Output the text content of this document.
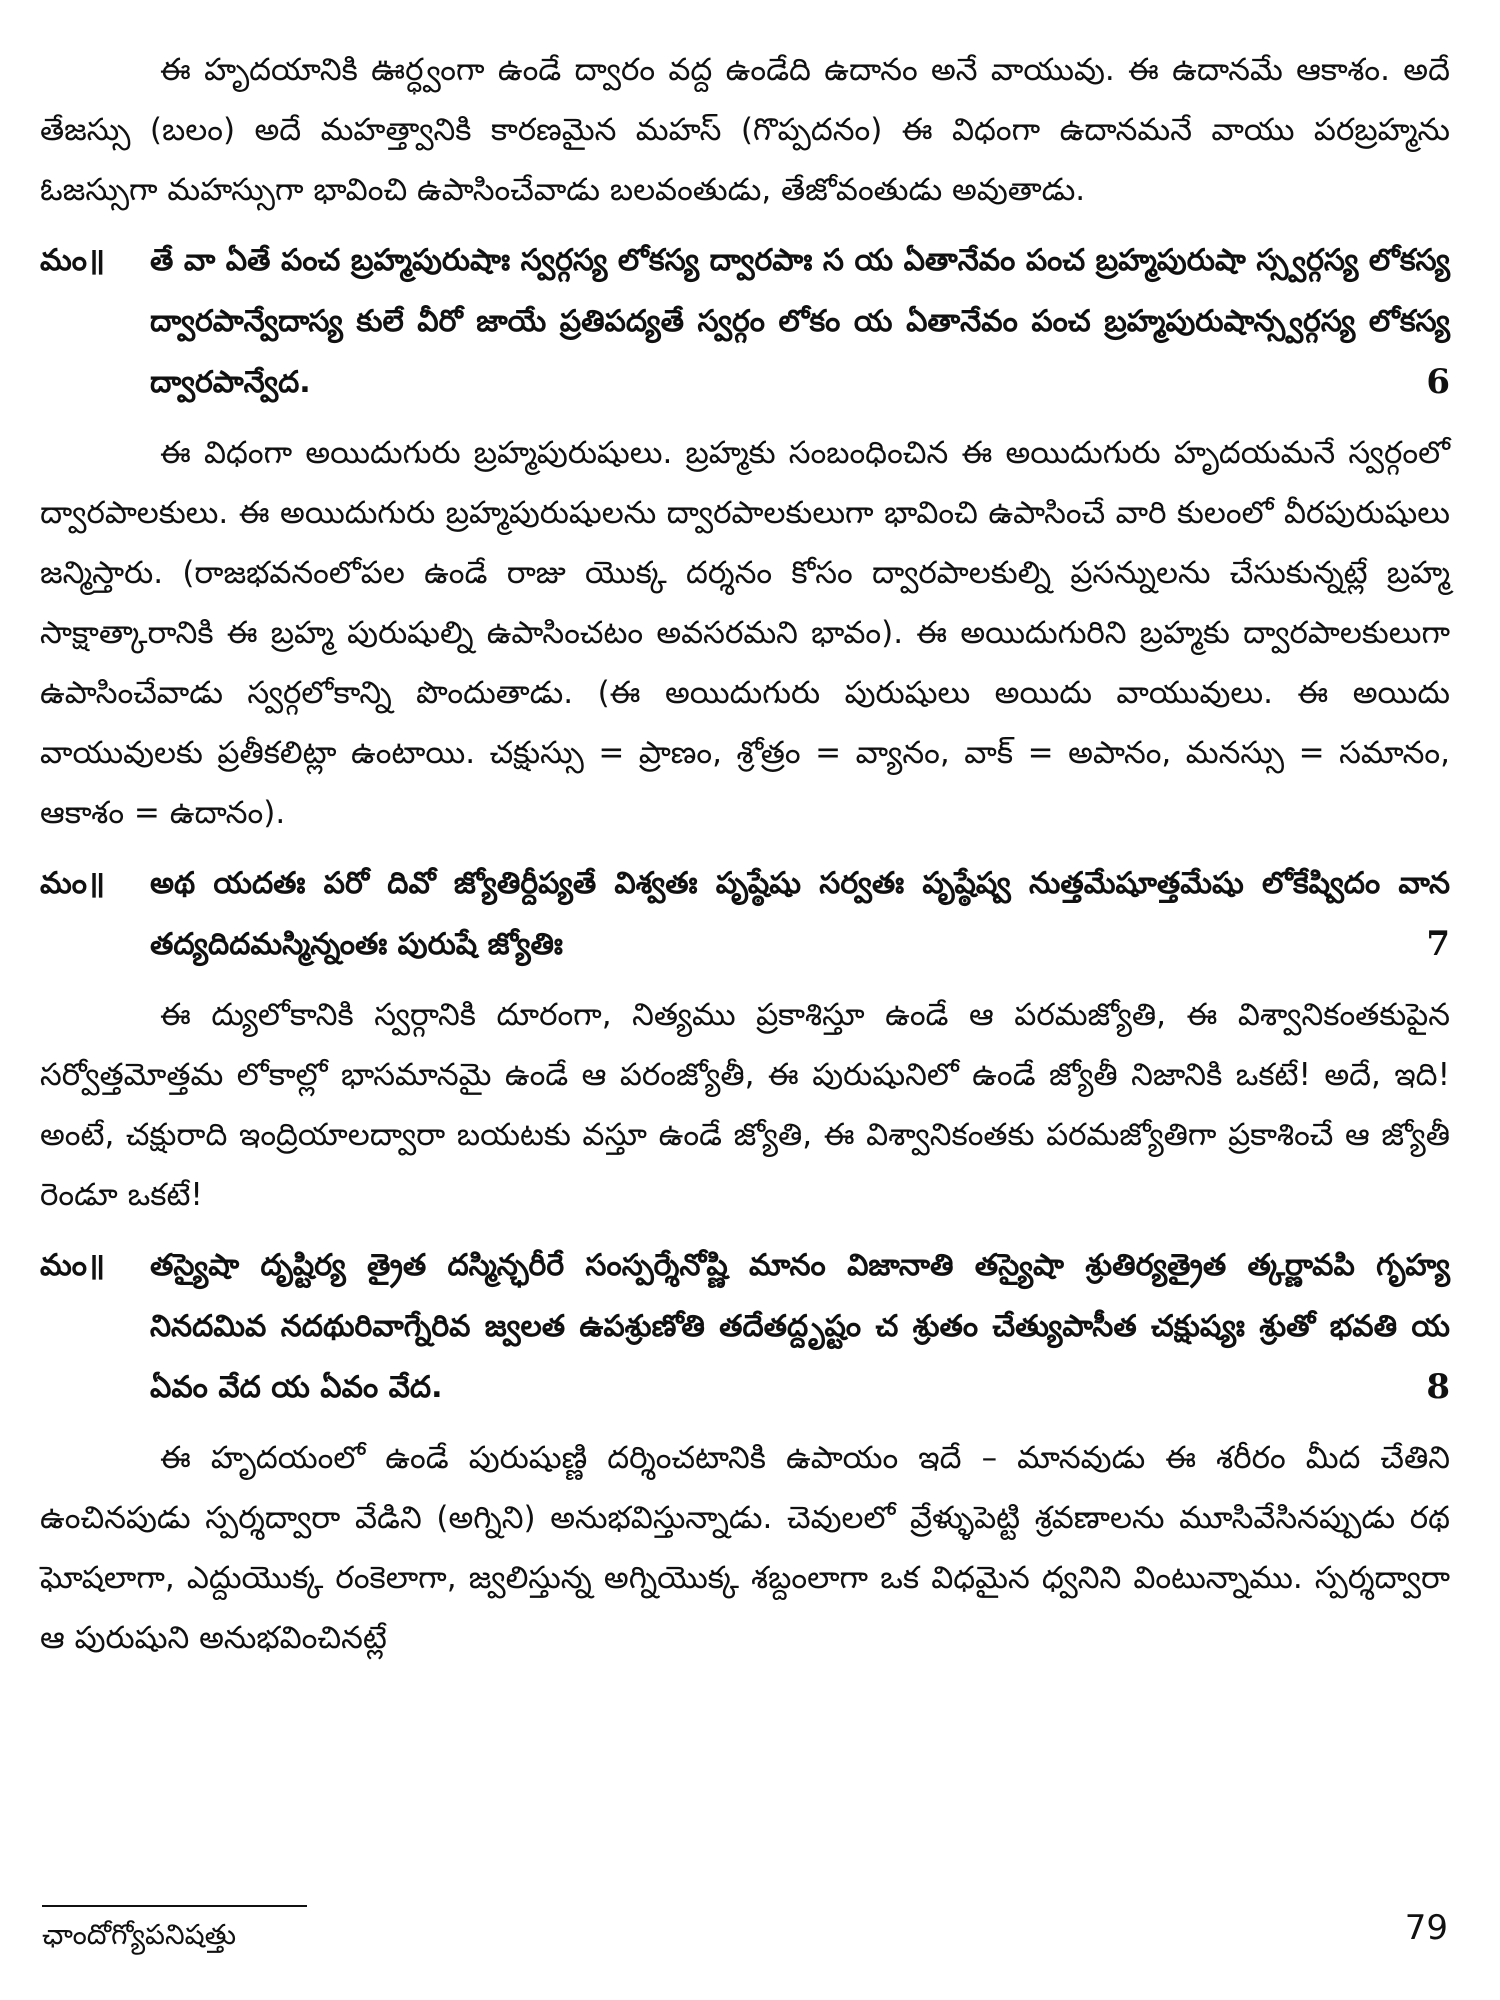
ఈ హృదయానికి ఊర్ధ్వంగా ఉండే ద్వారం వద్ద ఉండేది ఉదానం అనే వాయువు. ఈ ఉదానమే ఆకాశం. అదే తేజస్సు (బలం) అదే మహత్త్వానికి కారణమైన మహస్ (గొప్పదనం) ఈ విధంగా ఉదానమనే వాయు పరబ్రహ్మను ఓజస్సుగా మహస్సుగా భావించి ఉపాసించేవాడు బలవంతుడు, తేజోవంతుడు అవుతాడు.

మం॥ తే వా ఏతే పంచ బ్రహ్మపురుషాః స్వర్గస్య లోకస్య ద్వారపాః స య ఏతానేవం పంచ బ్రహ్మపురుషా స్స్వర్గస్య లోకస్య ద్వారపాన్వేదాస్య కులే వీరో జాయే ప్రతిపద్యతే స్వర్గం లోకం య ఏతానేవం పంచ బ్రహ్మపురుషాన్స్వర్గస్య లోకస్య ద్వారపాన్వేద.	6

ఈ విధంగా అయిదుగురు బ్రహ్మపురుషులు. బ్రహ్మకు సంబంధించిన ఈ అయిదుగురు హృదయమనే స్వర్గంలో ద్వారపాలకులు. ఈ అయిదుగురు బ్రహ్మపురుషులను ద్వారపాలకులుగా భావించి ఉపాసించే వారి కులంలో వీరపురుషులు జన్మిస్తారు. (రాజభవనంలోపల ఉండే రాజు యొక్క దర్శనం కోసం ద్వారపాలకుల్ని ప్రసన్నులను చేసుకున్నట్లే బ్రహ్మ సాక్షాత్కారానికి ఈ బ్రహ్మ పురుషుల్ని ఉపాసించటం అవసరమని భావం). ఈ అయిదుగురిని బ్రహ్మకు ద్వారపాలకులుగా ఉపాసించేవాడు స్వర్గలోకాన్ని పొందుతాడు. (ఈ అయిదుగురు పురుషులు అయిదు వాయువులు. ఈ అయిదు వాయువులకు ప్రతీకలిట్లా ఉంటాయి. చక్షుస్సు = ప్రాణం, శ్రోత్రం = వ్యానం, వాక్ = అపానం, మనస్సు = సమానం, ఆకాశం = ఉదానం).

మం॥ అథ యదతః పరో దివో జ్యోతిర్దీప్యతే విశ్వతః పృష్ఠేషు సర్వతః పృష్ఠేష్వ నుత్తమేషూత్తమేషు లోకేష్విదం వాన తద్యదిదమస్మిన్నంతః పురుషే జ్యోతిః	7

ఈ ద్యులోకానికి స్వర్గానికి దూరంగా, నిత్యము ప్రకాశిస్తూ ఉండే ఆ పరమజ్యోతి, ఈ విశ్వానికంతకుపైన సర్వోత్తమోత్తమ లోకాల్లో భాసమానమై ఉండే ఆ పరంజ్యోతీ, ఈ పురుషునిలో ఉండే జ్యోతీ నిజానికి ఒకటే! అదే, ఇది! అంటే, చక్షురాది ఇంద్రియాలద్వారా బయటకు వస్తూ ఉండే జ్యోతి, ఈ విశ్వానికంతకు పరమజ్యోతిగా ప్రకాశించే ఆ జ్యోతీ రెండూ ఒకటే!

మం॥ తస్యైషా దృష్టిర్య త్రైత దస్మిన్ఛరీరే సంస్పర్శేనోష్ణి మానం విజానాతి తస్యైషా శ్రుతిర్యత్రైత త్కర్ణావపి గృహ్య నినదమివ నదథురివాగ్నేరివ జ్వలత ఉపశ్రుణోతి తదేతద్దృష్టం చ శ్రుతం చేత్యుపాసీత చక్షుష్యః శ్రుతో భవతి య ఏవం వేద య ఏవం వేద.	8

ఈ హృదయంలో ఉండే పురుషుణ్ణి దర్శించటానికి ఉపాయం ఇదే – మానవుడు ఈ శరీరం మీద చేతిని ఉంచినపుడు స్పర్శద్వారా వేడిని (అగ్నిని) అనుభవిస్తున్నాడు. చెవులలో వ్రేళ్ళుపెట్టి శ్రవణాలను మూసివేసినప్పుడు రథ ఘోషలాగా, ఎద్దుయొక్క రంకెలాగా, జ్వలిస్తున్న అగ్నియొక్క శబ్దంలాగా ఒక విధమైన ధ్వనిని వింటున్నాము. స్పర్శద్వారా ఆ పురుషుని అనుభవించినట్లే

ఛాందోగ్యోపనిషత్తు	79
